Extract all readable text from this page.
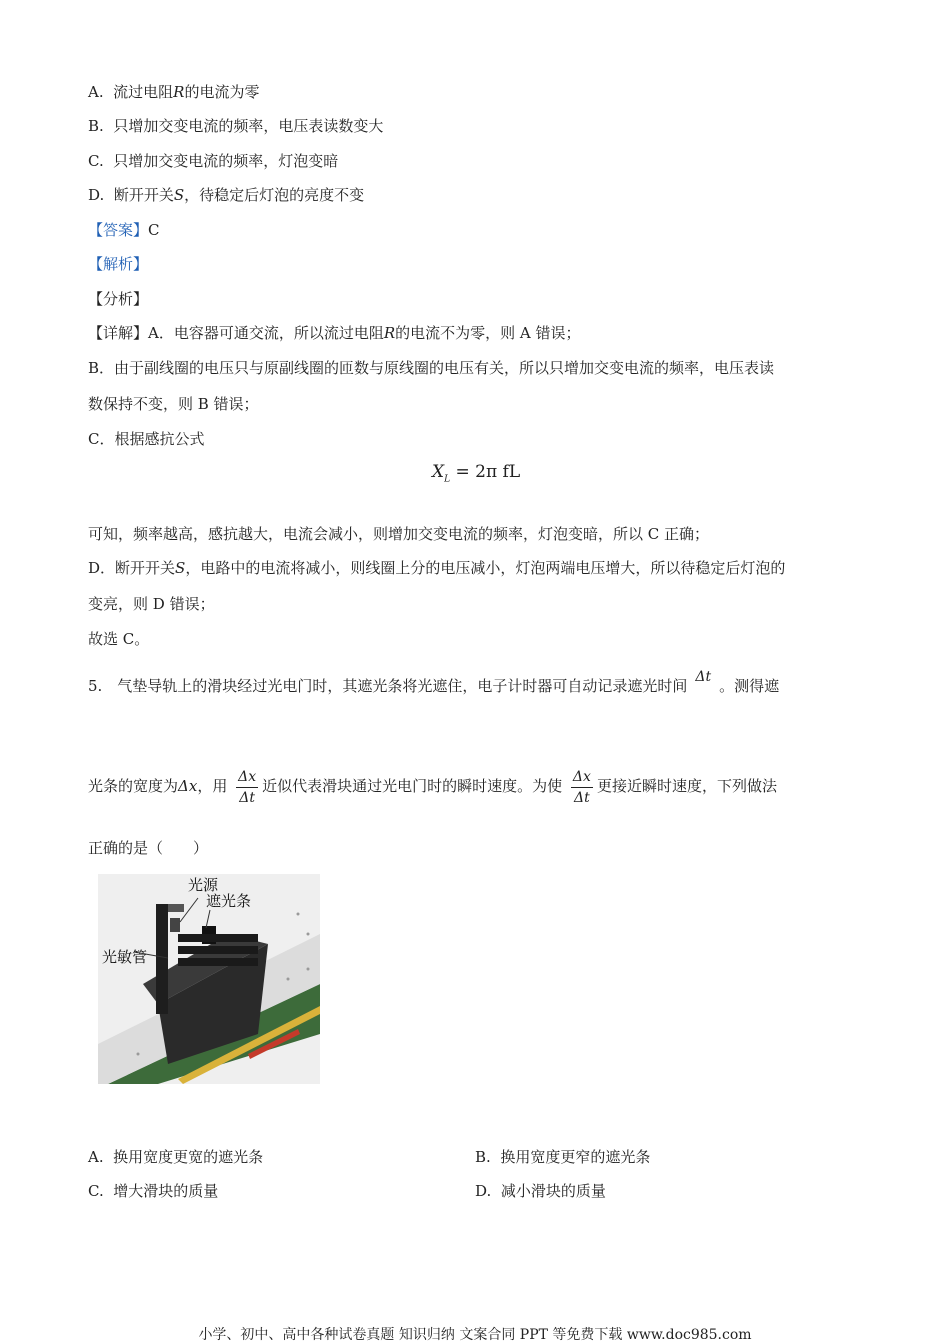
A. 流过电阻R的电流为零
B. 只增加交变电流的频率，电压表读数变大
C. 只增加交变电流的频率，灯泡变暗
D. 断开开关S，待稳定后灯泡的亮度不变
【答案】C
【解析】
【分析】
【详解】A．电容器可通交流，所以流过电阻R的电流不为零，则 A 错误；
B．由于副线圈的电压只与原副线圈的匝数与原线圈的电压有关，所以只增加交变电流的频率，电压表读
数保持不变，则 B 错误；
C．根据感抗公式
$X_L = 2\pi$ fL
可知，频率越高，感抗越大，电流会减小，则增加交变电流的频率，灯泡变暗，所以 C 正确；
D．断开开关S，电路中的电流将减小，则线圈上分的电压减小，灯泡两端电压增大，所以待稳定后灯泡的
变亮，则 D 错误；
故选 C。
5.　气垫导轨上的滑块经过光电门时，其遮光条将光遮住，电子计时器可自动记录遮光时间 Δt 。测得遮
光条的宽度为Δx，用 $\frac{\Delta x}{\Delta t}$ 近似代表滑块通过光电门时的瞬时速度。为使 $\frac{\Delta x}{\Delta t}$ 更接近瞬时速度，下列做法
正确的是（　　）
光源
遮光条
光敏管
A. 换用宽度更宽的遮光条	B. 换用宽度更窄的遮光条
C. 增大滑块的质量	D. 减小滑块的质量
小学、初中、高中各种试卷真题 知识归纳 文案合同 PPT 等免费下载 www.doc985.com
